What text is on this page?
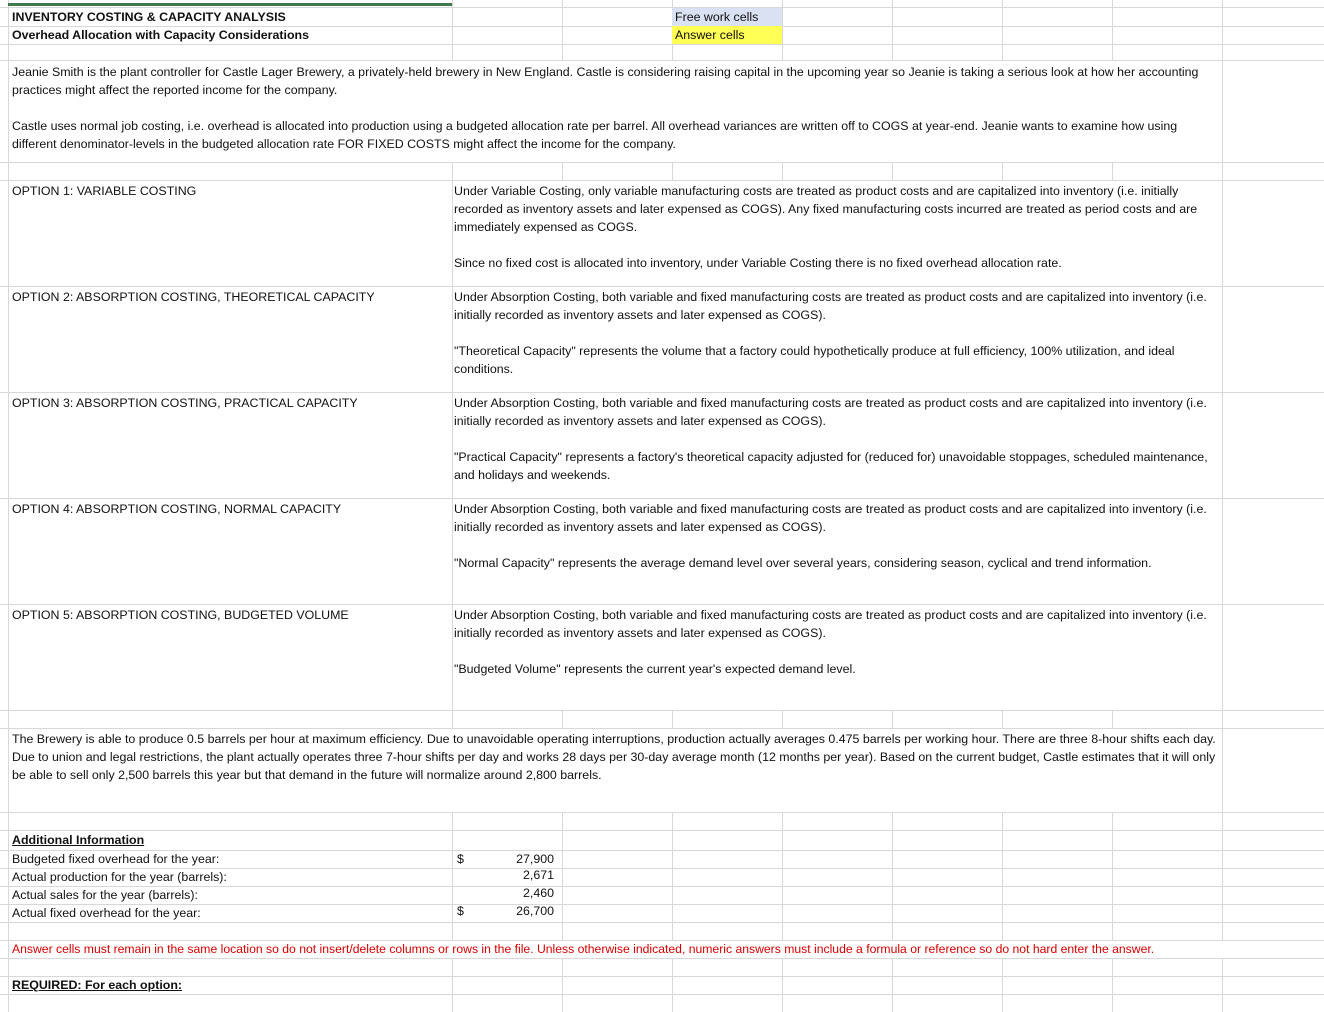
INVENTORY COSTING & CAPACITY ANALYSIS
Overhead Allocation with Capacity Considerations
Free work cells
Answer cells
Jeanie Smith is the plant controller for Castle Lager Brewery, a privately-held brewery in New England. Castle is considering raising capital in the upcoming year so Jeanie is taking a serious look at how her accounting practices might affect the reported income for the company.
Castle uses normal job costing, i.e. overhead is allocated into production using a budgeted allocation rate per barrel. All overhead variances are written off to COGS at year-end. Jeanie wants to examine how using different denominator-levels in the budgeted allocation rate FOR FIXED COSTS might affect the income for the company.
OPTION 1: VARIABLE COSTING	Under Variable Costing, only variable manufacturing costs are treated as product costs and are capitalized into inventory (i.e. initially recorded as inventory assets and later expensed as COGS). Any fixed manufacturing costs incurred are treated as period costs and are immediately expensed as COGS.
Since no fixed cost is allocated into inventory, under Variable Costing there is no fixed overhead allocation rate.
OPTION 2: ABSORPTION COSTING, THEORETICAL CAPACITY	Under Absorption Costing, both variable and fixed manufacturing costs are treated as product costs and are capitalized into inventory (i.e. initially recorded as inventory assets and later expensed as COGS).
"Theoretical Capacity" represents the volume that a factory could hypothetically produce at full efficiency, 100% utilization, and ideal conditions.
OPTION 3: ABSORPTION COSTING, PRACTICAL CAPACITY	Under Absorption Costing, both variable and fixed manufacturing costs are treated as product costs and are capitalized into inventory (i.e. initially recorded as inventory assets and later expensed as COGS).
"Practical Capacity" represents a factory's theoretical capacity adjusted for (reduced for) unavoidable stoppages, scheduled maintenance, and holidays and weekends.
OPTION 4: ABSORPTION COSTING, NORMAL CAPACITY	Under Absorption Costing, both variable and fixed manufacturing costs are treated as product costs and are capitalized into inventory (i.e. initially recorded as inventory assets and later expensed as COGS).
"Normal Capacity" represents the average demand level over several years, considering season, cyclical and trend information.
OPTION 5: ABSORPTION COSTING, BUDGETED VOLUME	Under Absorption Costing, both variable and fixed manufacturing costs are treated as product costs and are capitalized into inventory (i.e. initially recorded as inventory assets and later expensed as COGS).
"Budgeted Volume" represents the current year's expected demand level.
The Brewery is able to produce 0.5 barrels per hour at maximum efficiency. Due to unavoidable operating interruptions, production actually averages 0.475 barrels per working hour. There are three 8-hour shifts each day. Due to union and legal restrictions, the plant actually operates three 7-hour shifts per day and works 28 days per 30-day average month (12 months per year). Based on the current budget, Castle estimates that it will only be able to sell only 2,500 barrels this year but that demand in the future will normalize around 2,800 barrels.
Additional Information
Budgeted fixed overhead for the year:	$	27,900
Actual production for the year (barrels):	2,671
Actual sales for the year (barrels):	2,460
Actual fixed overhead for the year:	$	26,700
Answer cells must remain in the same location so do not insert/delete columns or rows in the file. Unless otherwise indicated, numeric answers must include a formula or reference so do not hard enter the answer.
REQUIRED: For each option:
